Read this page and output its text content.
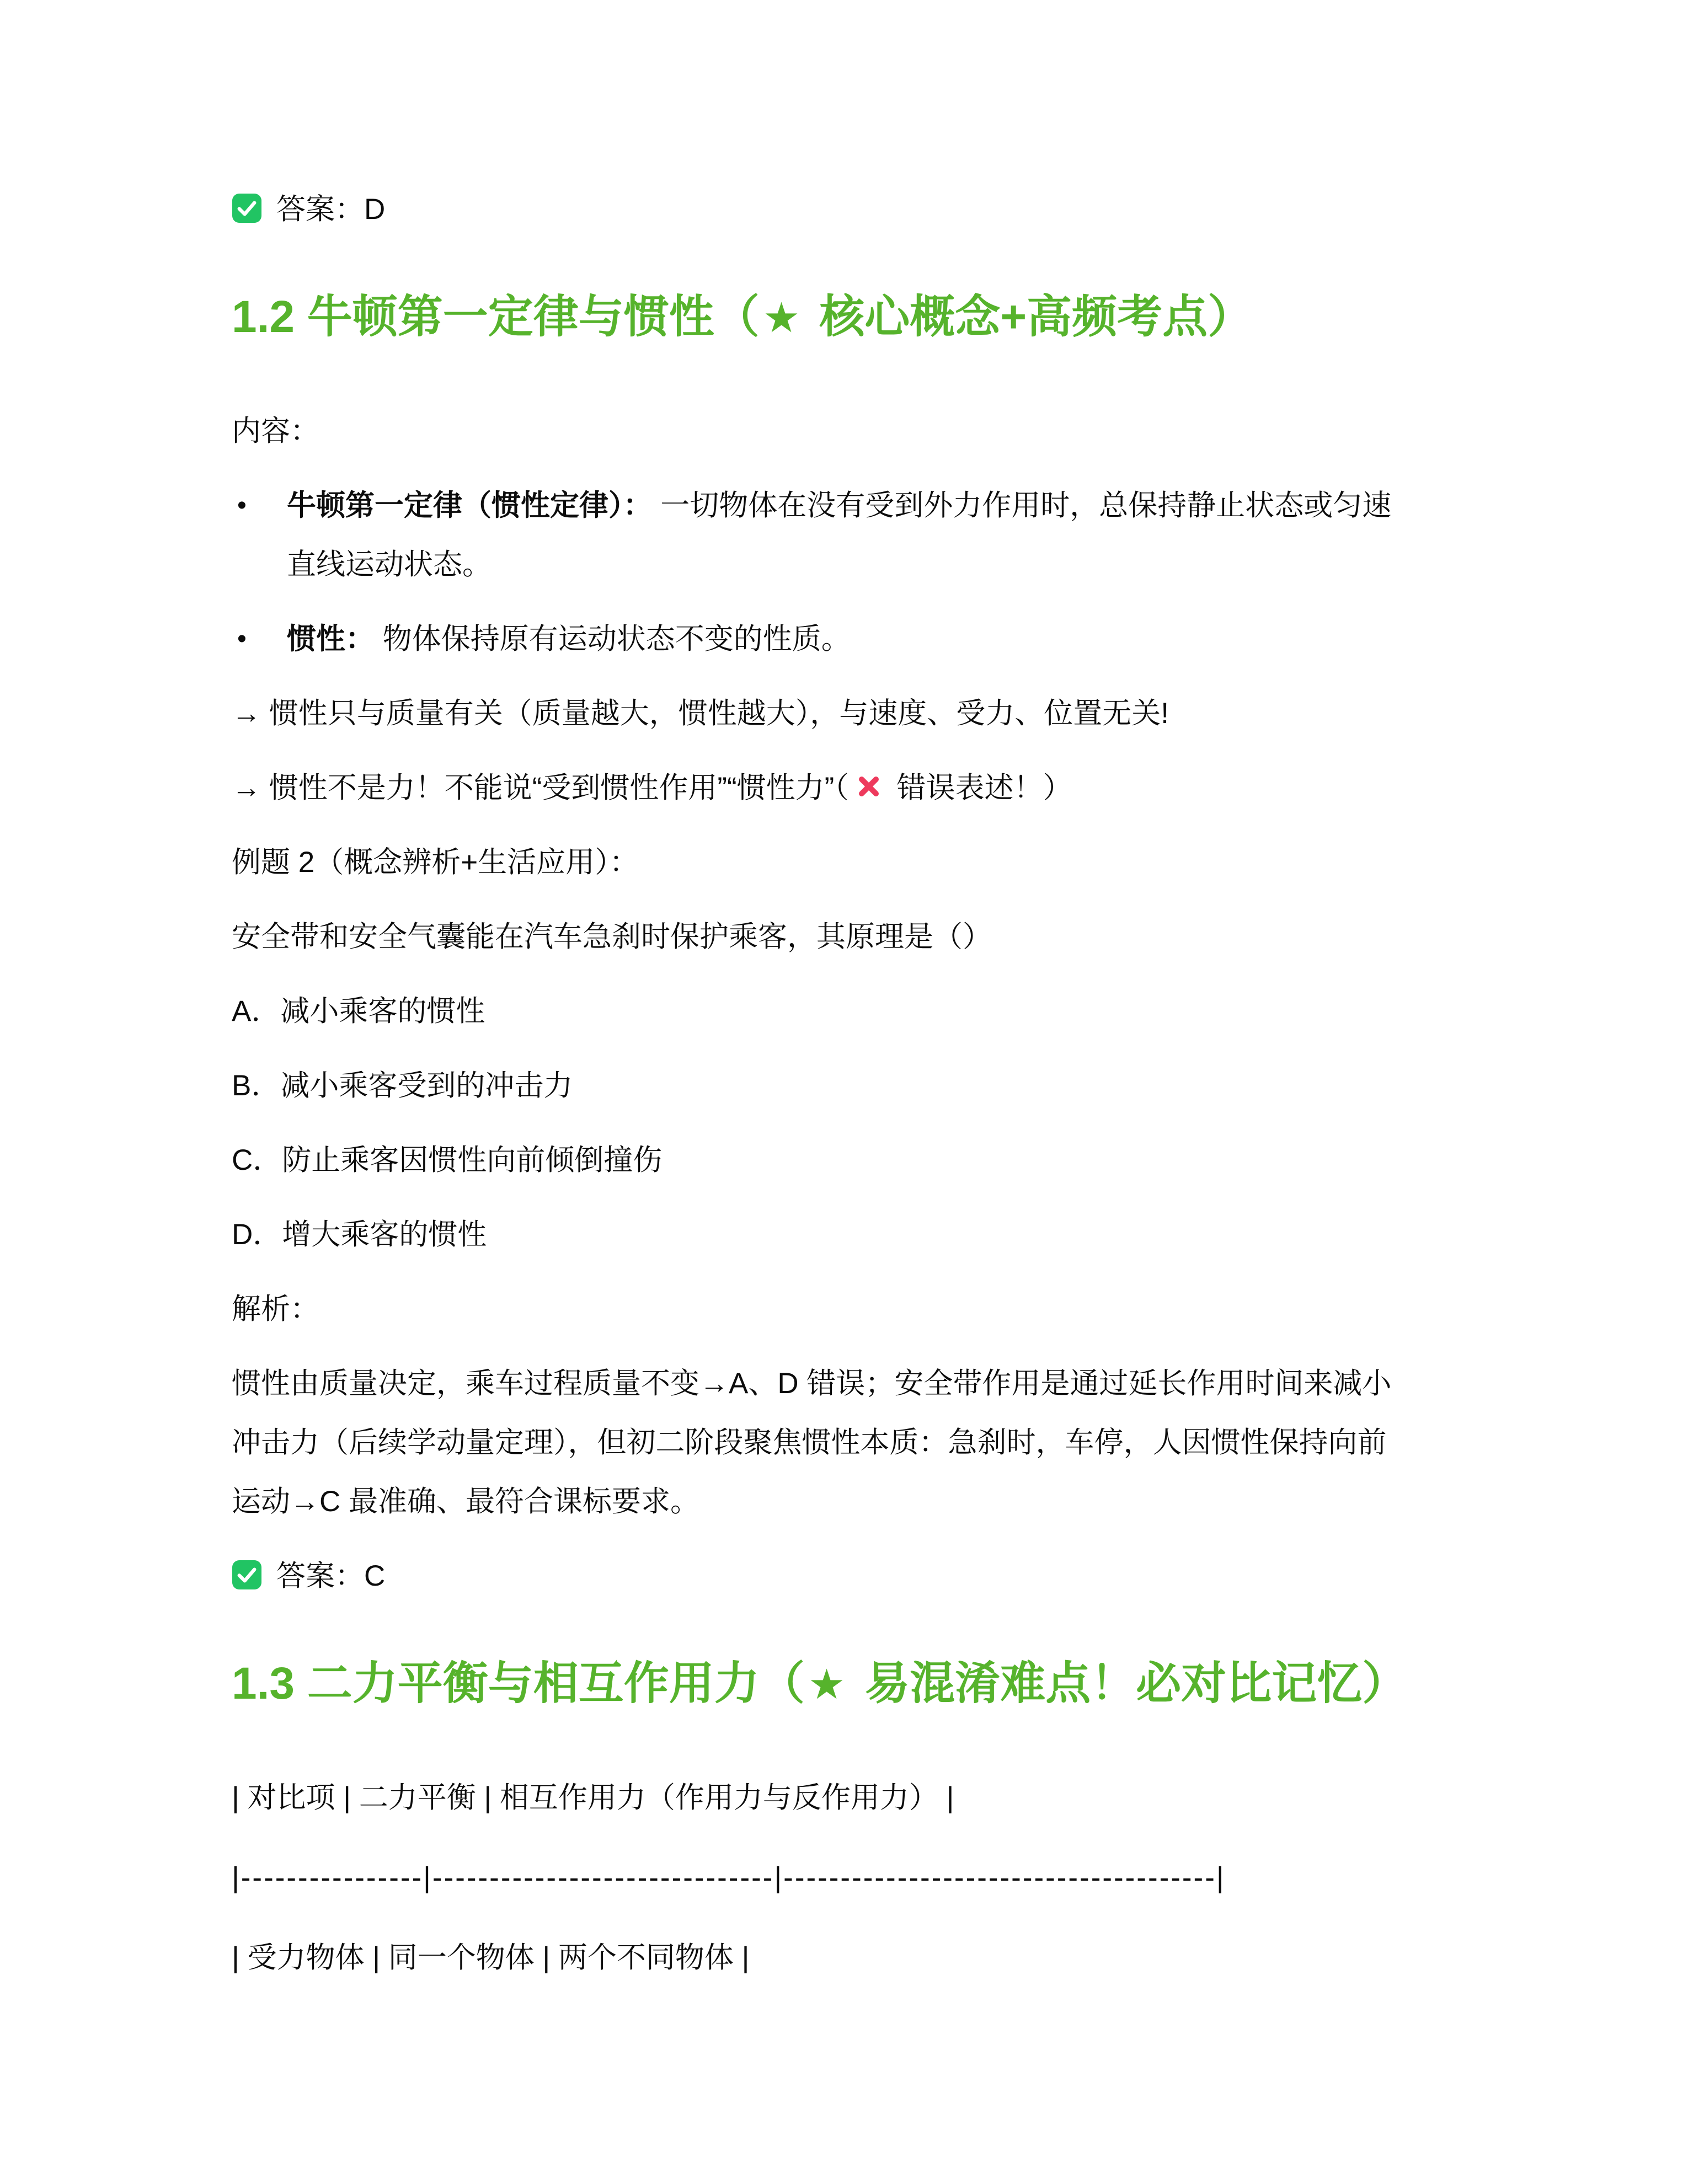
答案：D
1.2 牛顿第一定律与惯性（★ 核心概念+高频考点）

内容：

•	牛顿第一定律（惯性定律）： 一切物体在没有受到外力作用时，总保持静止状态或匀速
直线运动状态。
•	惯性： 物体保持原有运动状态不变的性质。

→ 惯性只与质量有关（质量越大，惯性越大），与速度、受力、位置无关!

→ 惯性不是力！不能说“受到惯性作用”“惯性力”（ 错误表述！）

例题 2（概念辨析+生活应用）：

安全带和安全气囊能在汽车急刹时保护乘客，其原理是（）

A．减小乘客的惯性

B．减小乘客受到的冲击力

C．防止乘客因惯性向前倾倒撞伤

D．增大乘客的惯性

解析：

惯性由质量决定，乘车过程质量不变→A、D 错误；安全带作用是通过延长作用时间来减小
冲击力（后续学动量定理），但初二阶段聚焦惯性本质：急刹时，车停，人因惯性保持向前
运动→C 最准确、最符合课标要求。

答案：C
1.3 二力平衡与相互作用力（★ 易混淆难点！必对比记忆）

| 对比项 | 二力平衡 | 相互作用力（作用力与反作用力） |

|----------------|------------------------------|--------------------------------------|

| 受力物体 | 同一个物体 | 两个不同物体 |
